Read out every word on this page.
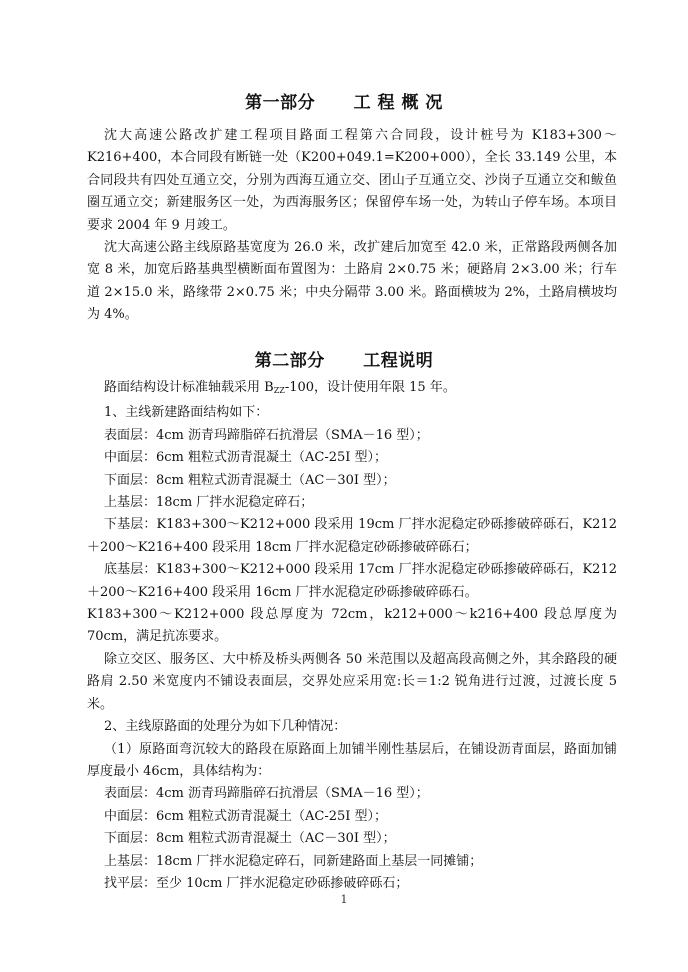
第一部分      工 程 概 况

沈大高速公路改扩建工程项目路面工程第六合同段，设计桩号为 K183+300～K216+400，本合同段有断链一处（K200+049.1=K200+000），全长 33.149 公里，本合同段共有四处互通立交，分别为西海互通立交、团山子互通立交、沙岗子互通立交和鲅鱼圈互通立交；新建服务区一处，为西海服务区；保留停车场一处，为转山子停车场。本项目要求 2004 年 9 月竣工。

沈大高速公路主线原路基宽度为 26.0 米，改扩建后加宽至 42.0 米，正常路段两侧各加宽 8 米，加宽后路基典型横断面布置图为：土路肩 2×0.75 米；硬路肩 2×3.00 米；行车道 2×15.0 米，路缘带 2×0.75 米；中央分隔带 3.00 米。路面横坡为 2%，土路肩横坡均为 4%。

第二部分      工程说明

路面结构设计标准轴载采用 $B_{ZZ}-100$，设计使用年限 15 年。

1、主线新建路面结构如下：

表面层：4cm 沥青玛蹄脂碎石抗滑层（SMA－16 型）；

中面层：6cm 粗粒式沥青混凝土（AC-25I 型）；

下面层：8cm 粗粒式沥青混凝土（AC－30I 型）；

上基层：18cm 厂拌水泥稳定碎石；

下基层：K183+300～K212+000 段采用 19cm 厂拌水泥稳定砂砾掺破碎砾石，K212＋200～K216+400 段采用 18cm 厂拌水泥稳定砂砾掺破碎砾石；

底基层：K183+300～K212+000 段采用 17cm 厂拌水泥稳定砂砾掺破碎砾石，K212＋200～K216+400 段采用 16cm 厂拌水泥稳定砂砾掺破碎砾石。

K183+300～K212+000 段总厚度为 72cm，k212+000～k216+400 段总厚度为 70cm，满足抗冻要求。

除立交区、服务区、大中桥及桥头两侧各 50 米范围以及超高段高侧之外，其余路段的硬路肩 2.50 米宽度内不铺设表面层，交界处应采用宽:长＝1:2 锐角进行过渡，过渡长度 5 米。

2、主线原路面的处理分为如下几种情况：

（1）原路面弯沉较大的路段在原路面上加铺半刚性基层后，在铺设沥青面层，路面加铺厚度最小 46cm，具体结构为：

表面层：4cm 沥青玛蹄脂碎石抗滑层（SMA－16 型）；

中面层：6cm 粗粒式沥青混凝土（AC-25I 型）；

下面层：8cm 粗粒式沥青混凝土（AC－30I 型）；

上基层：18cm 厂拌水泥稳定碎石，同新建路面上基层一同摊铺；

找平层：至少 10cm 厂拌水泥稳定砂砾掺破碎砾石；

1
